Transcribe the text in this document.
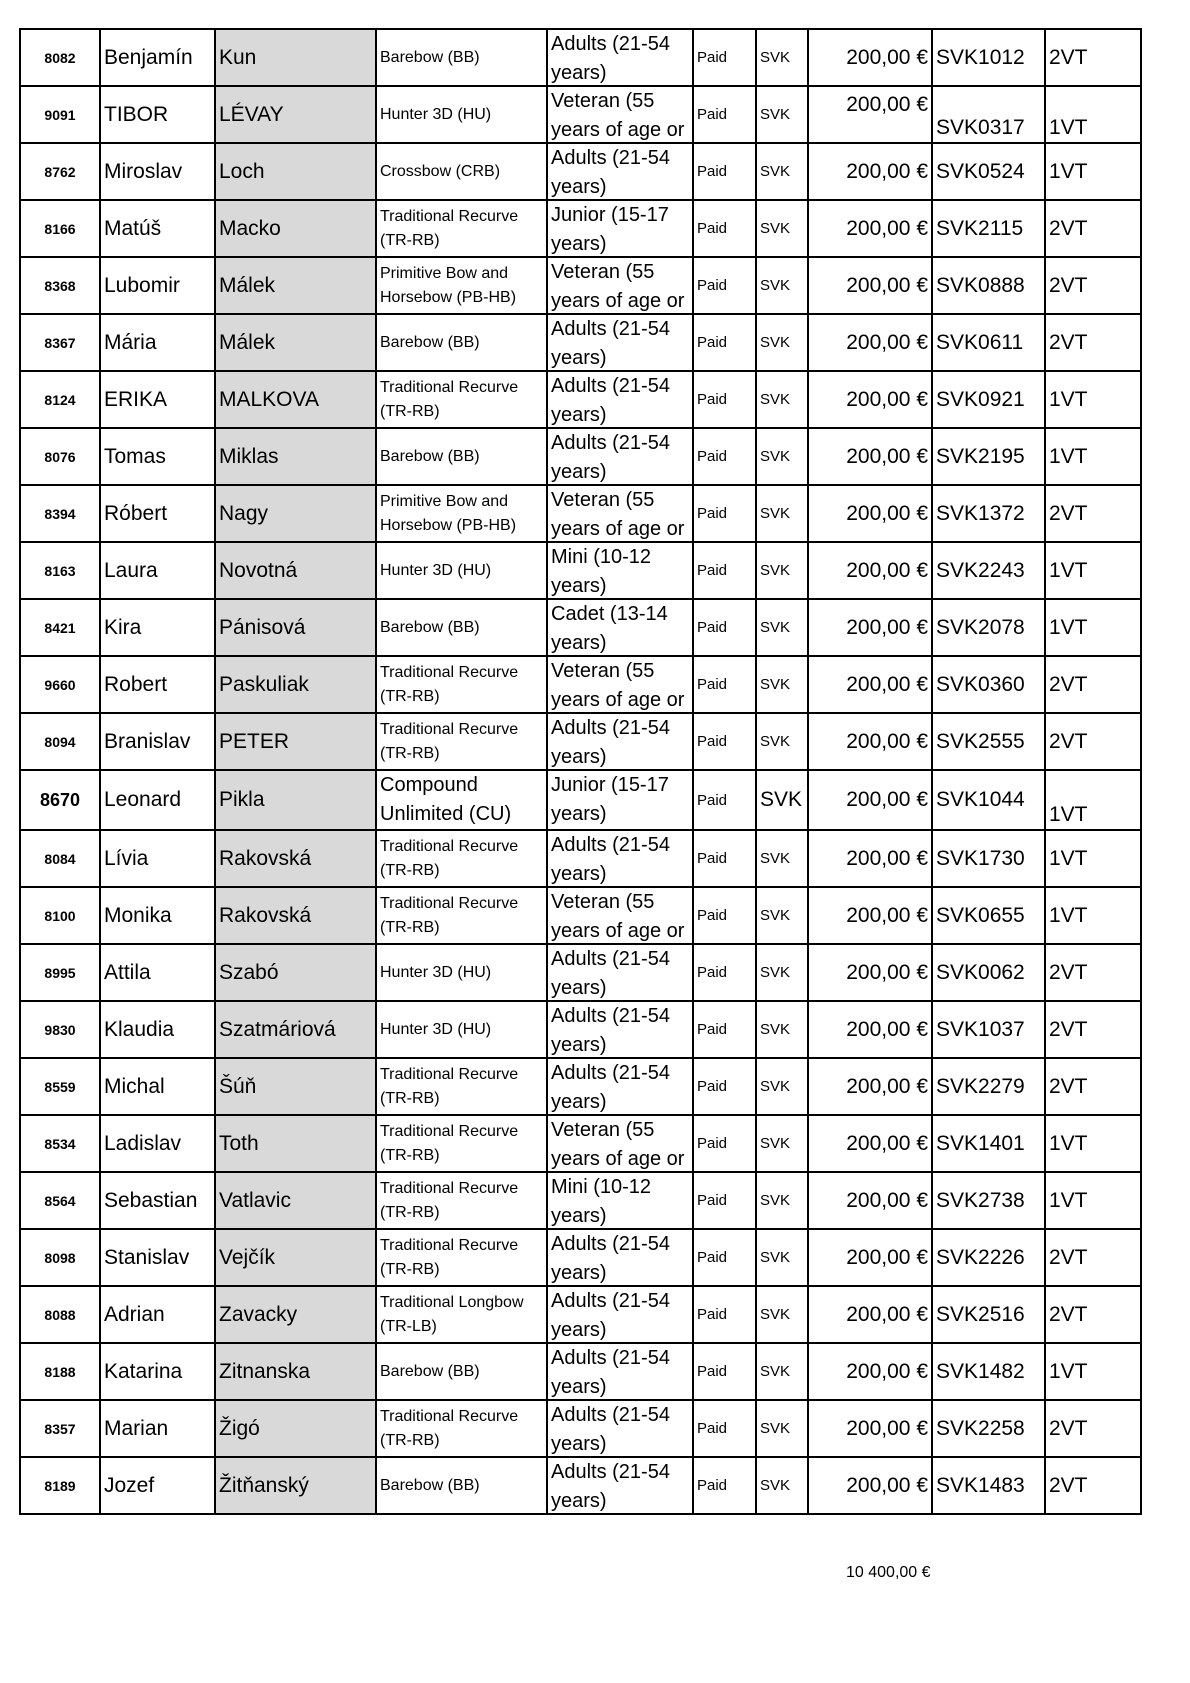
8082	Benjamín	Kun	Barebow (BB)	Adults (21-54 years)	Paid	SVK	200,00 €	SVK1012	2VT
9091	TIBOR	LÉVAY	Hunter 3D (HU)	Veteran (55 years of age or	Paid	SVK	200,00 €	SVK0317	1VT
8762	Miroslav	Loch	Crossbow (CRB)	Adults (21-54 years)	Paid	SVK	200,00 €	SVK0524	1VT
8166	Matúš	Macko	Traditional Recurve (TR-RB)	Junior (15-17 years)	Paid	SVK	200,00 €	SVK2115	2VT
8368	Lubomir	Málek	Primitive Bow and Horsebow (PB-HB)	Veteran (55 years of age or	Paid	SVK	200,00 €	SVK0888	2VT
8367	Mária	Málek	Barebow (BB)	Adults (21-54 years)	Paid	SVK	200,00 €	SVK0611	2VT
8124	ERIKA	MALKOVA	Traditional Recurve (TR-RB)	Adults (21-54 years)	Paid	SVK	200,00 €	SVK0921	1VT
8076	Tomas	Miklas	Barebow (BB)	Adults (21-54 years)	Paid	SVK	200,00 €	SVK2195	1VT
8394	Róbert	Nagy	Primitive Bow and Horsebow (PB-HB)	Veteran (55 years of age or	Paid	SVK	200,00 €	SVK1372	2VT
8163	Laura	Novotná	Hunter 3D (HU)	Mini (10-12 years)	Paid	SVK	200,00 €	SVK2243	1VT
8421	Kira	Pánisová	Barebow (BB)	Cadet (13-14 years)	Paid	SVK	200,00 €	SVK2078	1VT
9660	Robert	Paskuliak	Traditional Recurve (TR-RB)	Veteran (55 years of age or	Paid	SVK	200,00 €	SVK0360	2VT
8094	Branislav	PETER	Traditional Recurve (TR-RB)	Adults (21-54 years)	Paid	SVK	200,00 €	SVK2555	2VT
8670	Leonard	Pikla	Compound Unlimited (CU)	Junior (15-17 years)	Paid	SVK	200,00 €	SVK1044	1VT
8084	Lívia	Rakovská	Traditional Recurve (TR-RB)	Adults (21-54 years)	Paid	SVK	200,00 €	SVK1730	1VT
8100	Monika	Rakovská	Traditional Recurve (TR-RB)	Veteran (55 years of age or	Paid	SVK	200,00 €	SVK0655	1VT
8995	Attila	Szabó	Hunter 3D (HU)	Adults (21-54 years)	Paid	SVK	200,00 €	SVK0062	2VT
9830	Klaudia	Szatmáriová	Hunter 3D (HU)	Adults (21-54 years)	Paid	SVK	200,00 €	SVK1037	2VT
8559	Michal	Šúň	Traditional Recurve (TR-RB)	Adults (21-54 years)	Paid	SVK	200,00 €	SVK2279	2VT
8534	Ladislav	Toth	Traditional Recurve (TR-RB)	Veteran (55 years of age or	Paid	SVK	200,00 €	SVK1401	1VT
8564	Sebastian	Vatlavic	Traditional Recurve (TR-RB)	Mini (10-12 years)	Paid	SVK	200,00 €	SVK2738	1VT
8098	Stanislav	Vejčík	Traditional Recurve (TR-RB)	Adults (21-54 years)	Paid	SVK	200,00 €	SVK2226	2VT
8088	Adrian	Zavacky	Traditional Longbow (TR-LB)	Adults (21-54 years)	Paid	SVK	200,00 €	SVK2516	2VT
8188	Katarina	Zitnanska	Barebow (BB)	Adults (21-54 years)	Paid	SVK	200,00 €	SVK1482	1VT
8357	Marian	Žigó	Traditional Recurve (TR-RB)	Adults (21-54 years)	Paid	SVK	200,00 €	SVK2258	2VT
8189	Jozef	Žitňanský	Barebow (BB)	Adults (21-54 years)	Paid	SVK	200,00 €	SVK1483	2VT
10 400,00 €
